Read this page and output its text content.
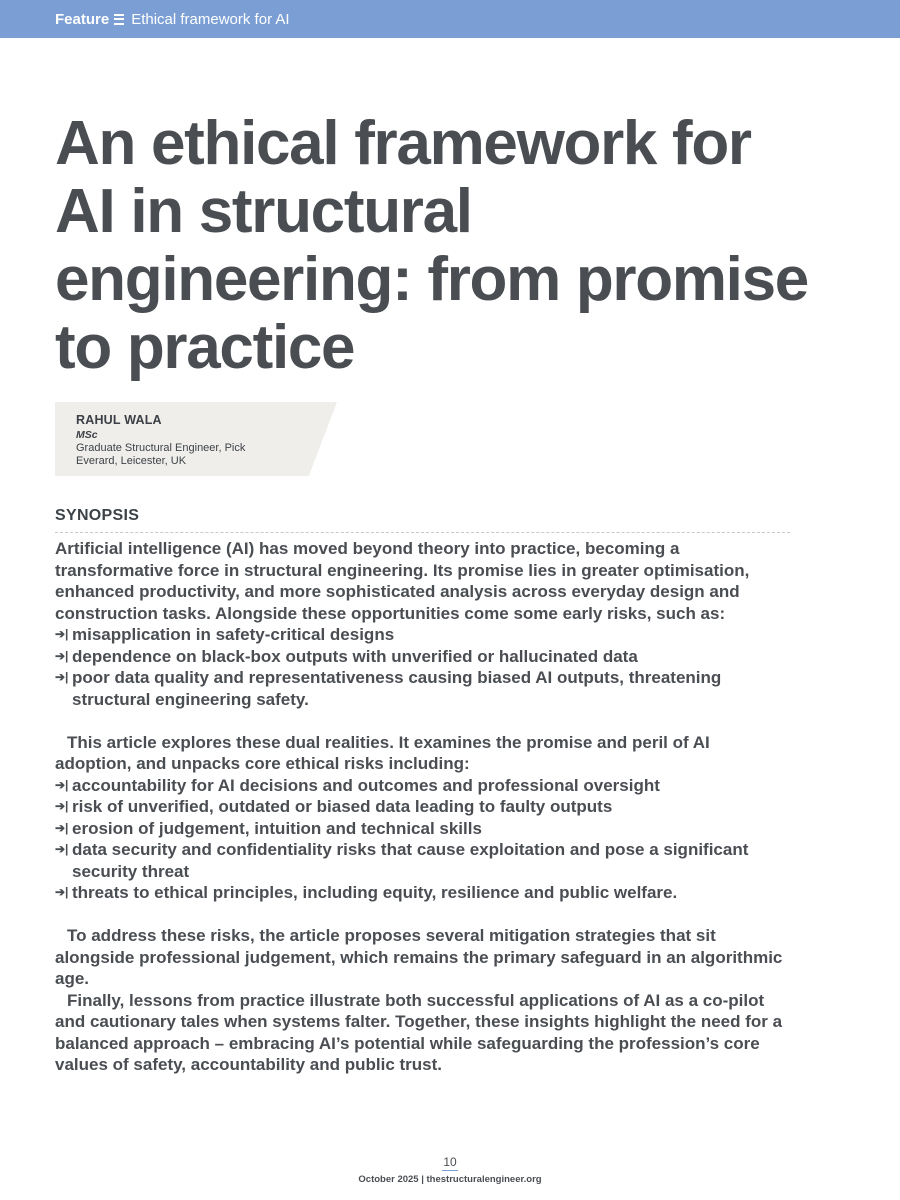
Feature Ethical framework for AI
An ethical framework for AI in structural engineering: from promise to practice
RAHUL WALA
MSc
Graduate Structural Engineer, Pick Everard, Leicester, UK
SYNOPSIS

Artificial intelligence (AI) has moved beyond theory into practice, becoming a transformative force in structural engineering. Its promise lies in greater optimisation, enhanced productivity, and more sophisticated analysis across everyday design and construction tasks. Alongside these opportunities come some early risks, such as:

➔| misapplication in safety-critical designs
➔| dependence on black-box outputs with unverified or hallucinated data
➔| poor data quality and representativeness causing biased AI outputs, threatening structural engineering safety.

This article explores these dual realities. It examines the promise and peril of AI adoption, and unpacks core ethical risks including:

➔| accountability for AI decisions and outcomes and professional oversight
➔| risk of unverified, outdated or biased data leading to faulty outputs
➔| erosion of judgement, intuition and technical skills
➔| data security and confidentiality risks that cause exploitation and pose a significant security threat
➔| threats to ethical principles, including equity, resilience and public welfare.

To address these risks, the article proposes several mitigation strategies that sit alongside professional judgement, which remains the primary safeguard in an algorithmic age.

Finally, lessons from practice illustrate both successful applications of AI as a co-pilot and cautionary tales when systems falter. Together, these insights highlight the need for a balanced approach – embracing AI’s potential while safeguarding the profession’s core values of safety, accountability and public trust.

10
October 2025 | thestructuralengineer.org
